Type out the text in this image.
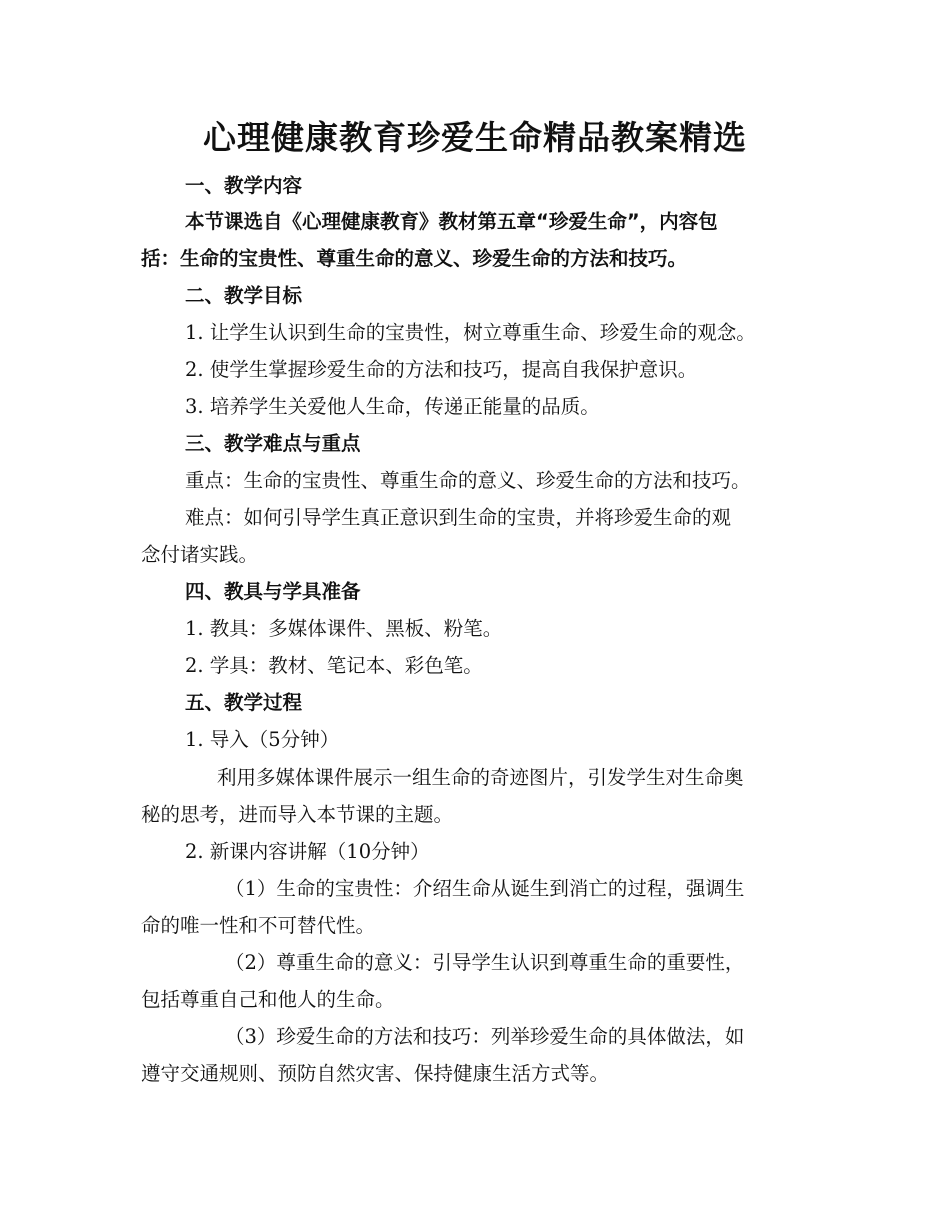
心理健康教育珍爱生命精品教案精选
一、教学内容
本节课选自《心理健康教育》教材第五章“珍爱生命”，内容包
括：生命的宝贵性、尊重生命的意义、珍爱生命的方法和技巧。
二、教学目标
1. 让学生认识到生命的宝贵性，树立尊重生命、珍爱生命的观念。
2. 使学生掌握珍爱生命的方法和技巧，提高自我保护意识。
3. 培养学生关爱他人生命，传递正能量的品质。
三、教学难点与重点
重点：生命的宝贵性、尊重生命的意义、珍爱生命的方法和技巧。
难点：如何引导学生真正意识到生命的宝贵，并将珍爱生命的观
念付诸实践。
四、教具与学具准备
1. 教具：多媒体课件、黑板、粉笔。
2. 学具：教材、笔记本、彩色笔。
五、教学过程
1. 导入（5分钟）
利用多媒体课件展示一组生命的奇迹图片，引发学生对生命奥
秘的思考，进而导入本节课的主题。
2. 新课内容讲解（10分钟）
（1）生命的宝贵性：介绍生命从诞生到消亡的过程，强调生
命的唯一性和不可替代性。
（2）尊重生命的意义：引导学生认识到尊重生命的重要性，
包括尊重自己和他人的生命。
（3）珍爱生命的方法和技巧：列举珍爱生命的具体做法，如
遵守交通规则、预防自然灾害、保持健康生活方式等。
